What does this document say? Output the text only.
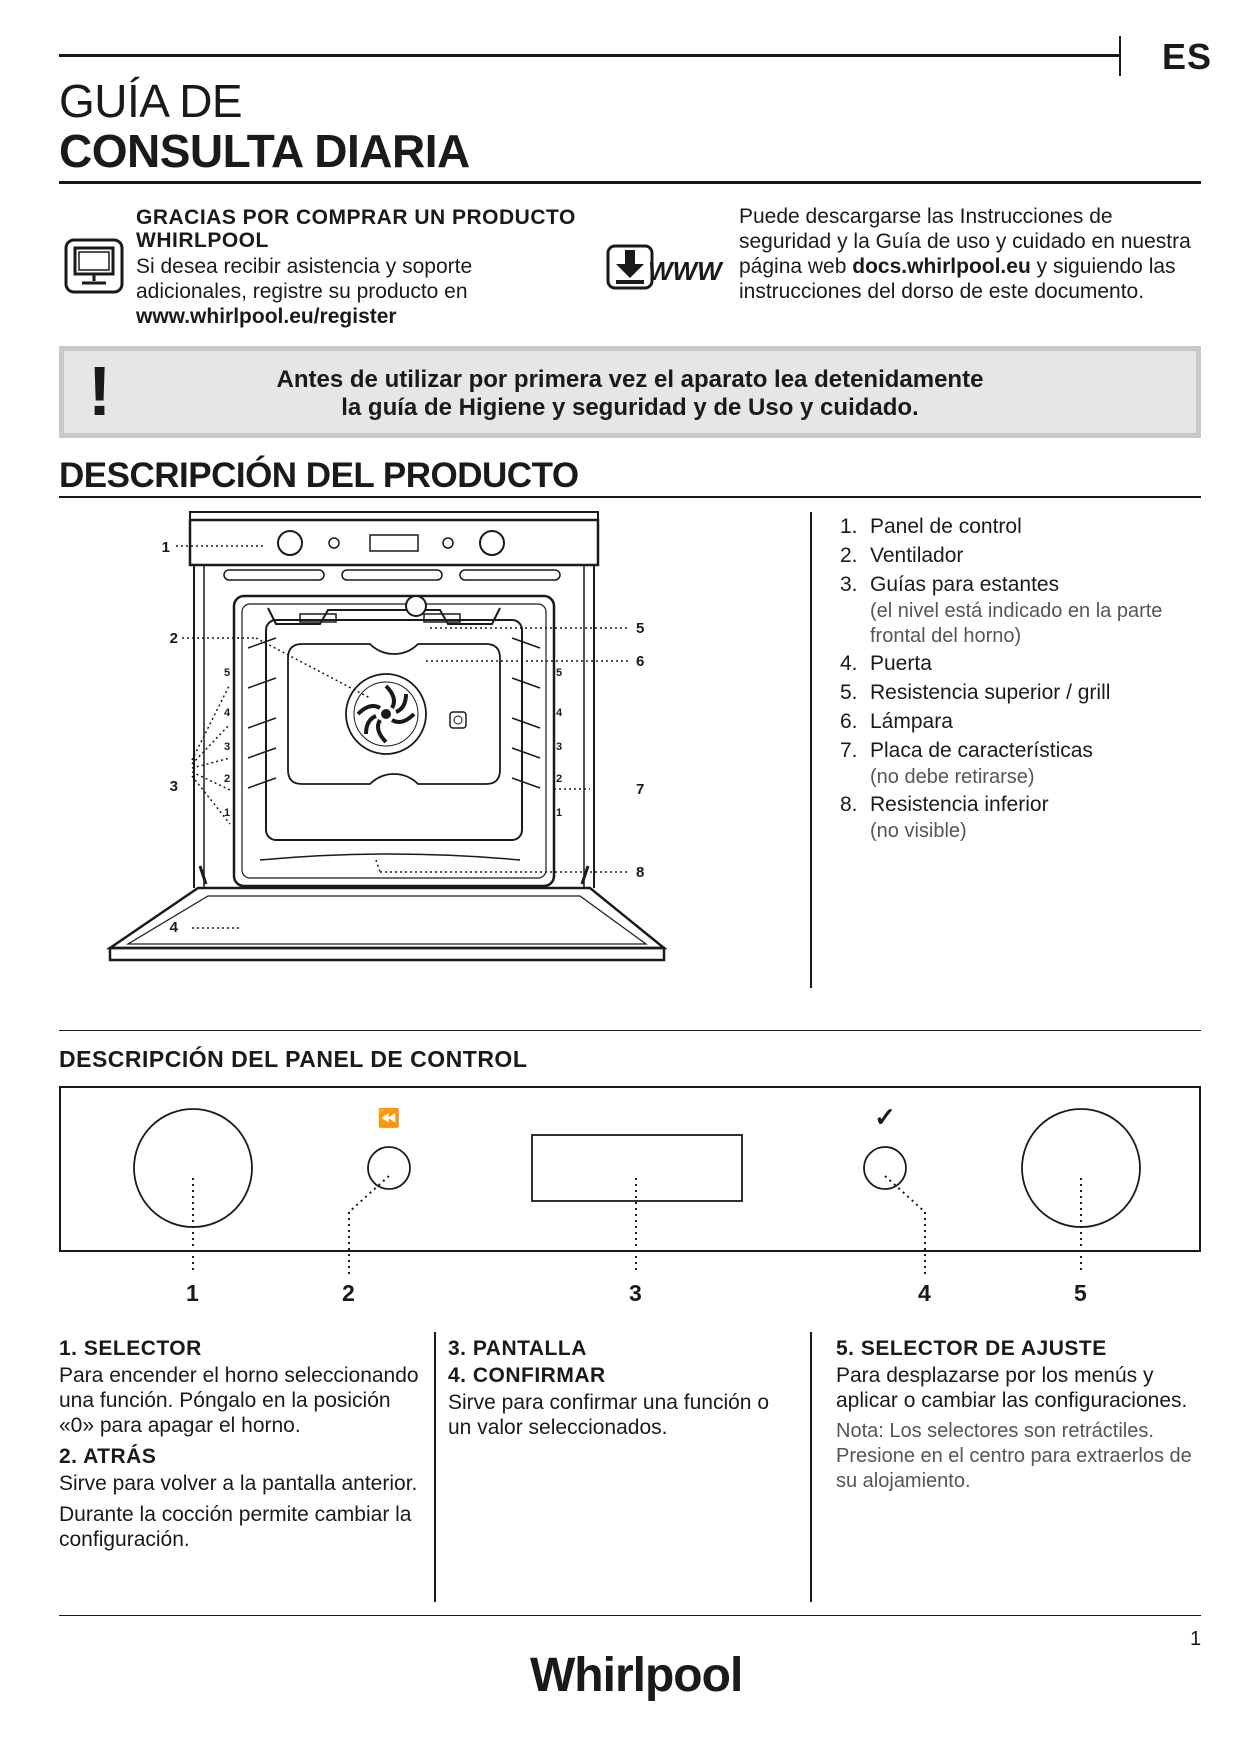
ES
GUÍA DE
CONSULTA DIARIA
GRACIAS POR COMPRAR UN PRODUCTO WHIRLPOOL
Si desea recibir asistencia y soporte adicionales, registre su producto en
www.whirlpool.eu/register
WWW
Puede descargarse las Instrucciones de seguridad y la Guía de uso y cuidado en nuestra página web docs.whirlpool.eu y siguiendo las instrucciones del dorso de este documento.
!	Antes de utilizar por primera vez el aparato lea detenidamente
la guía de Higiene y seguridad y de Uso y cuidado.
DESCRIPCIÓN DEL PRODUCTO
1
2
3
4
5
6
7
8
5
4
3
2
1
5
4
3
2
1
1. Panel de control
2. Ventilador
3. Guías para estantes
(el nivel está indicado en la parte frontal del horno)
4. Puerta
5. Resistencia superior / grill
6. Lámpara
7. Placa de características
(no debe retirarse)
8. Resistencia inferior
(no visible)
DESCRIPCIÓN DEL PANEL DE CONTROL
⏪	✓
1	2	3	4	5
1. SELECTOR
Para encender el horno seleccionando una función. Póngalo en la posición «0» para apagar el horno.
2. ATRÁS
Sirve para volver a la pantalla anterior.
Durante la cocción permite cambiar la configuración.
3. PANTALLA
4. CONFIRMAR
Sirve para confirmar una función o un valor seleccionados.
5. SELECTOR DE AJUSTE
Para desplazarse por los menús y aplicar o cambiar las configuraciones.
Nota: Los selectores son retráctiles. Presione en el centro para extraerlos de su alojamiento.
1
Whirlpool
